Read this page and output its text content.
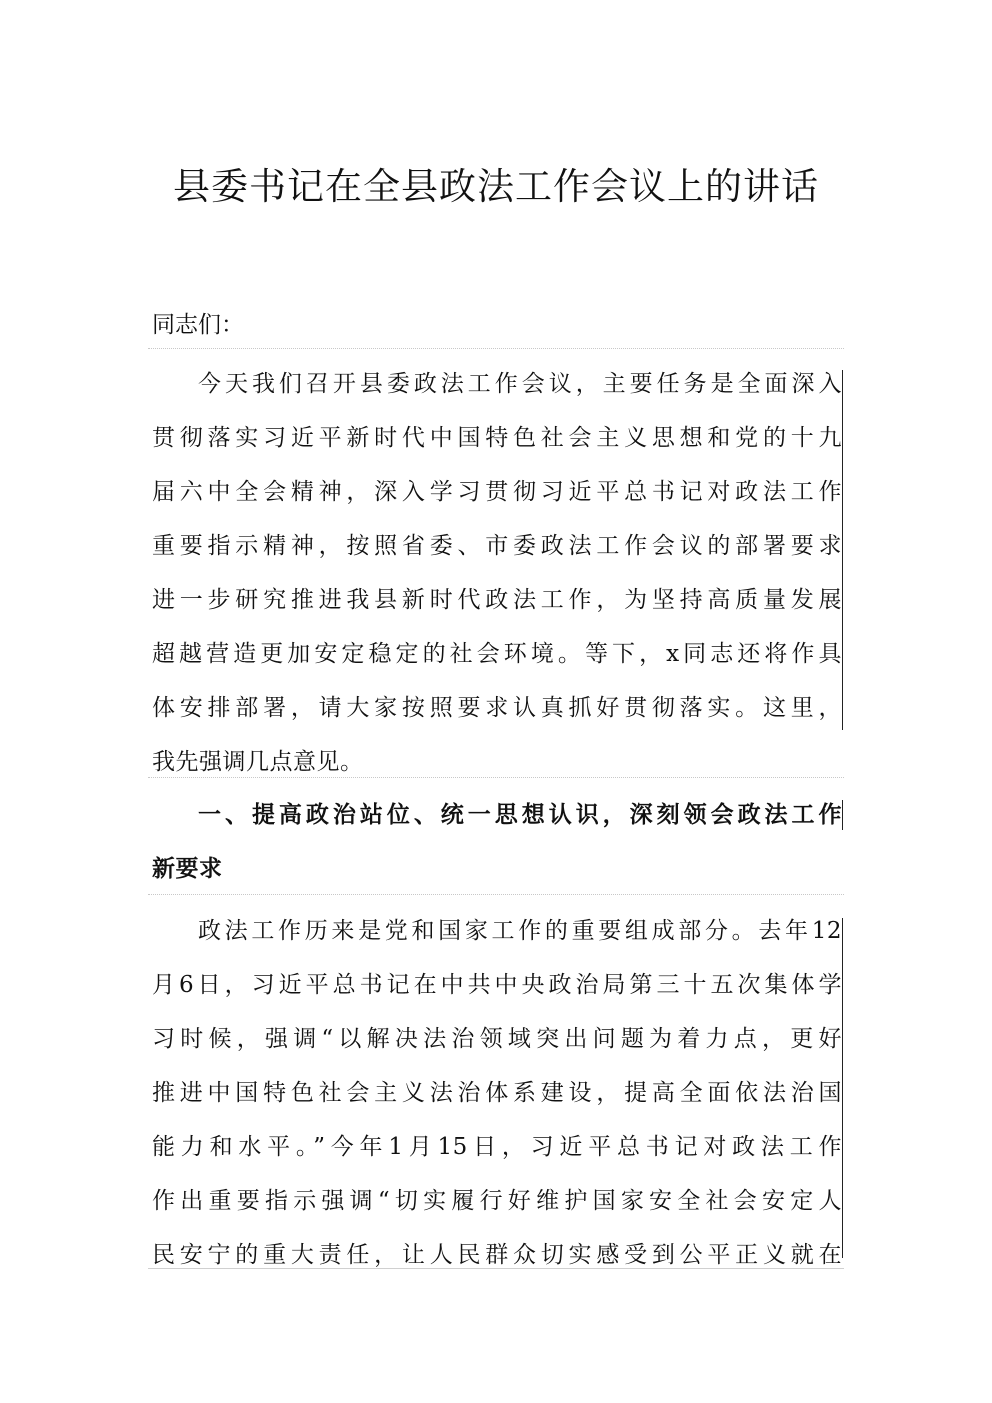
县委书记在全县政法工作会议上的讲话
同志们：
今天我们召开县委政法工作会议，主要任务是全面深入
贯彻落实习近平新时代中国特色社会主义思想和党的十九
届六中全会精神，深入学习贯彻习近平总书记对政法工作
重要指示精神，按照省委、市委政法工作会议的部署要求
进一步研究推进我县新时代政法工作，为坚持高质量发展
超越营造更加安定稳定的社会环境。等下，x同志还将作具
体安排部署，请大家按照要求认真抓好贯彻落实。这里，
我先强调几点意见。
一、提高政治站位、统一思想认识，深刻领会政法工作
新要求
政法工作历来是党和国家工作的重要组成部分。去年12
月6日，习近平总书记在中共中央政治局第三十五次集体学
习时候，强调“以解决法治领域突出问题为着力点，更好
推进中国特色社会主义法治体系建设，提高全面依法治国
能力和水平。”今年1月15日，习近平总书记对政法工作
作出重要指示强调“切实履行好维护国家安全社会安定人
民安宁的重大责任，让人民群众切实感受到公平正义就在
